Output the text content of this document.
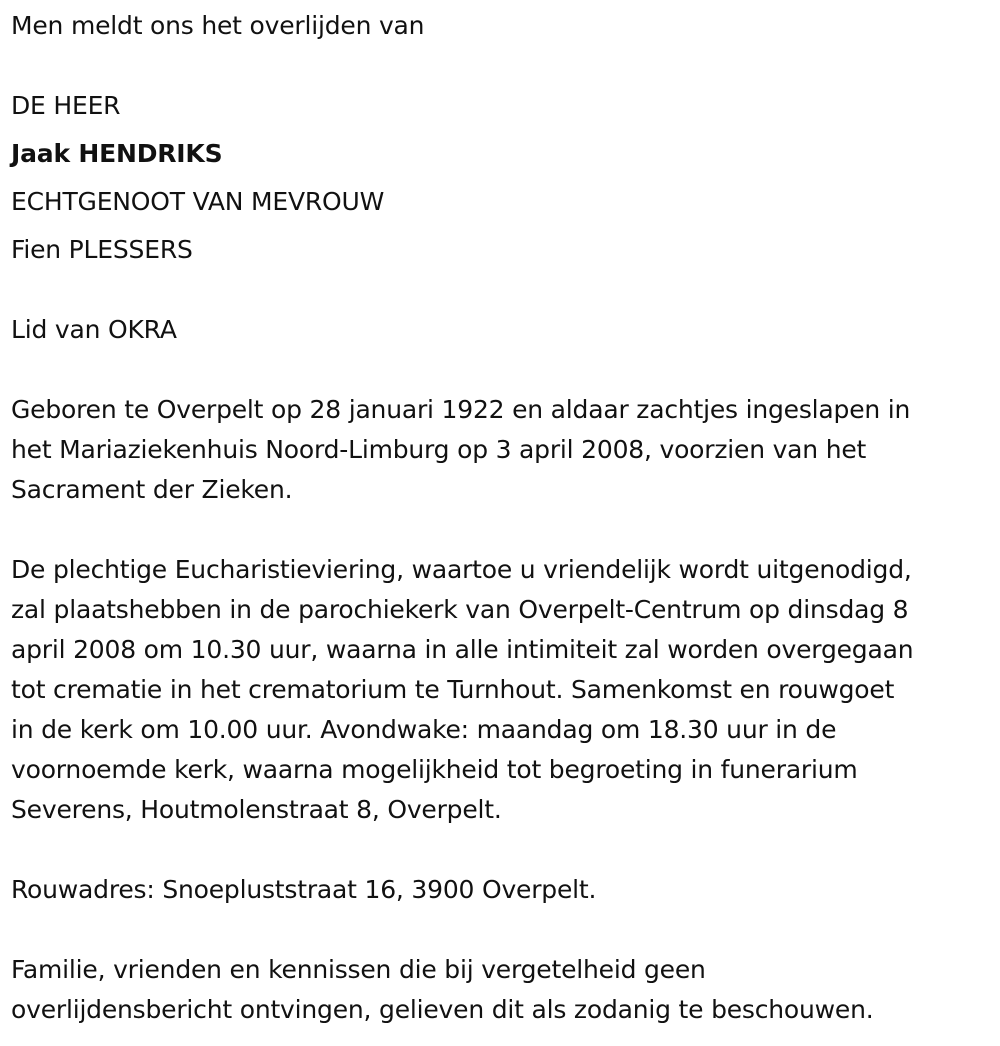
Men meldt ons het overlijden van
DE HEER
Jaak HENDRIKS
ECHTGENOOT VAN MEVROUW
Fien PLESSERS
Lid van OKRA
Geboren te Overpelt op 28 januari 1922 en aldaar zachtjes ingeslapen in
het Mariaziekenhuis Noord-Limburg op 3 april 2008, voorzien van het
Sacrament der Zieken.
De plechtige Eucharistieviering, waartoe u vriendelijk wordt uitgenodigd,
zal plaatshebben in de parochiekerk van Overpelt-Centrum op dinsdag 8
april 2008 om 10.30 uur, waarna in alle intimiteit zal worden overgegaan
tot crematie in het crematorium te Turnhout. Samenkomst en rouwgoet
in de kerk om 10.00 uur. Avondwake: maandag om 18.30 uur in de
voornoemde kerk, waarna mogelijkheid tot begroeting in funerarium
Severens, Houtmolenstraat 8, Overpelt.
Rouwadres: Snoepluststraat 16, 3900 Overpelt.
Familie, vrienden en kennissen die bij vergetelheid geen
overlijdensbericht ontvingen, gelieven dit als zodanig te beschouwen.
